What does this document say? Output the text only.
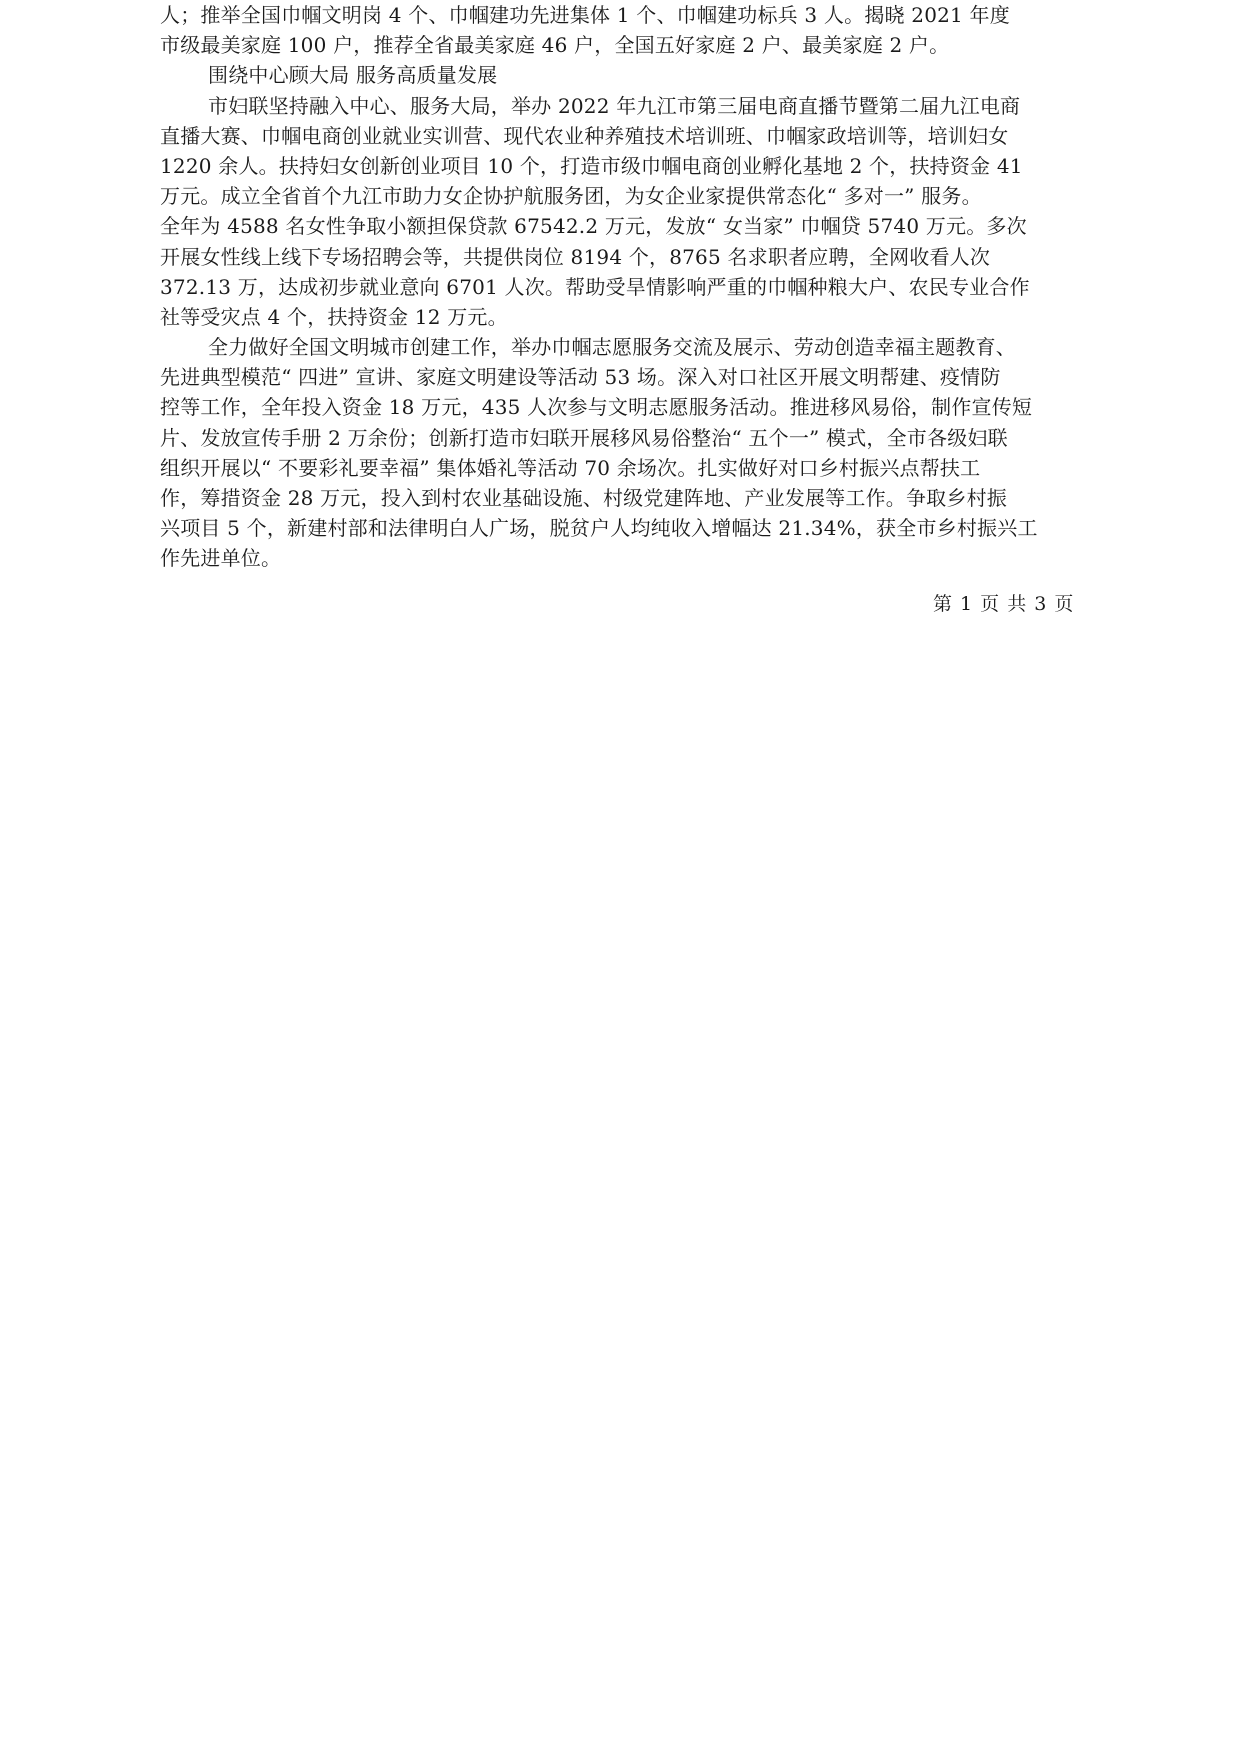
人；推举全国巾帼文明岗 4 个、巾帼建功先进集体 1 个、巾帼建功标兵 3 人。揭晓 2021 年度
市级最美家庭 100 户，推荐全省最美家庭 46 户，全国五好家庭 2 户、最美家庭 2 户。
围绕中心顾大局 服务高质量发展
市妇联坚持融入中心、服务大局，举办 2022 年九江市第三届电商直播节暨第二届九江电商
直播大赛、巾帼电商创业就业实训营、现代农业种养殖技术培训班、巾帼家政培训等，培训妇女
1220 余人。扶持妇女创新创业项目 10 个，打造市级巾帼电商创业孵化基地 2 个，扶持资金 41
万元。成立全省首个九江市助力女企协护航服务团，为女企业家提供常态化“ 多对一” 服务。
全年为 4588 名女性争取小额担保贷款 67542.2 万元，发放“ 女当家” 巾帼贷 5740 万元。多次
开展女性线上线下专场招聘会等，共提供岗位 8194 个，8765 名求职者应聘，全网收看人次
372.13 万，达成初步就业意向 6701 人次。帮助受旱情影响严重的巾帼种粮大户、农民专业合作
社等受灾点 4 个，扶持资金 12 万元。
全力做好全国文明城市创建工作，举办巾帼志愿服务交流及展示、劳动创造幸福主题教育、
先进典型模范“ 四进” 宣讲、家庭文明建设等活动 53 场。深入对口社区开展文明帮建、疫情防
控等工作，全年投入资金 18 万元，435 人次参与文明志愿服务活动。推进移风易俗，制作宣传短
片、发放宣传手册 2 万余份；创新打造市妇联开展移风易俗整治“ 五个一” 模式，全市各级妇联
组织开展以“ 不要彩礼要幸福” 集体婚礼等活动 70 余场次。扎实做好对口乡村振兴点帮扶工
作，筹措资金 28 万元，投入到村农业基础设施、村级党建阵地、产业发展等工作。争取乡村振
兴项目 5 个，新建村部和法律明白人广场，脱贫户人均纯收入增幅达 21.34%，获全市乡村振兴工
作先进单位。
第 1 页 共 3 页
